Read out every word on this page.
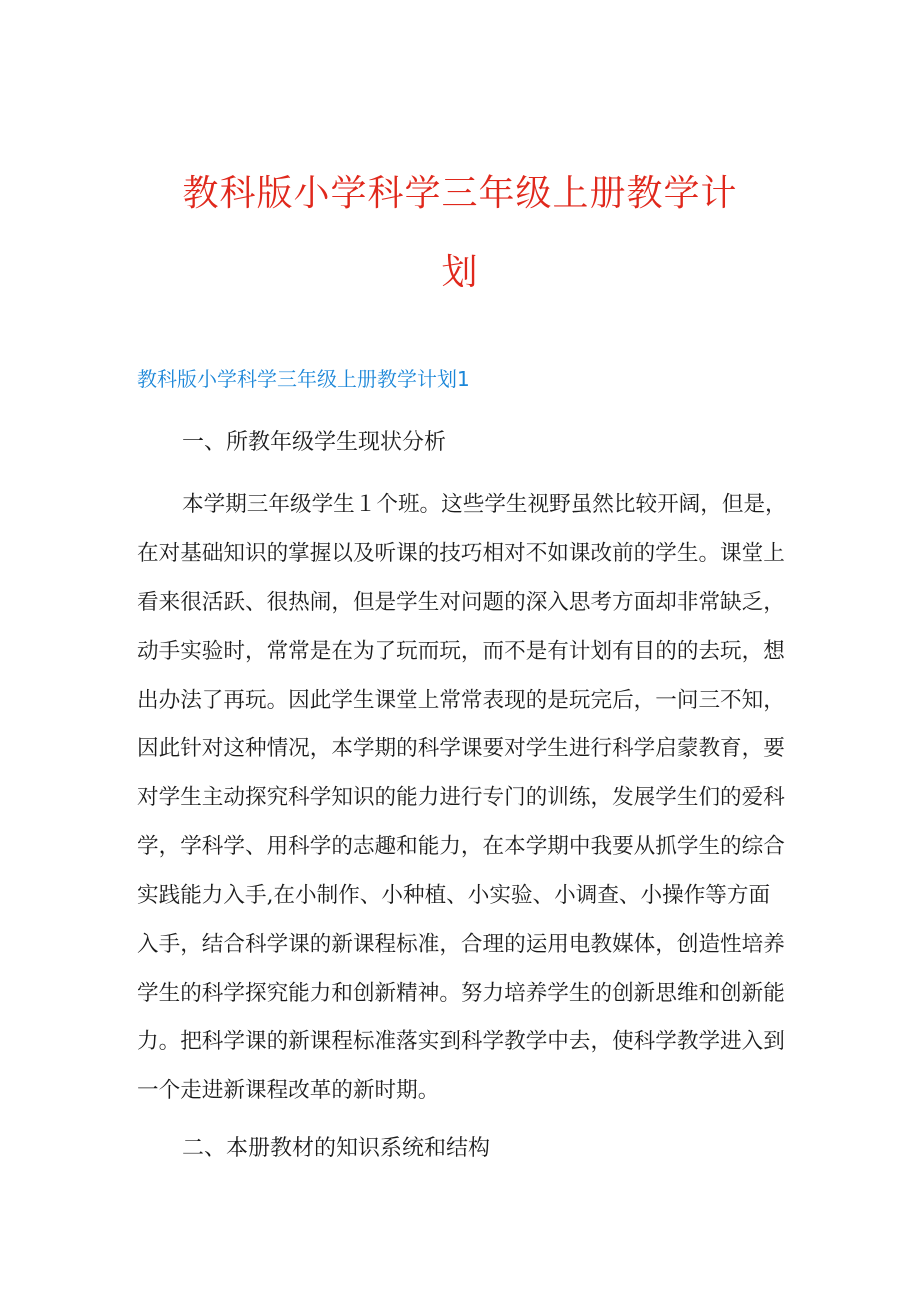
教科版小学科学三年级上册教学计
划
教科版小学科学三年级上册教学计划1
一、所教年级学生现状分析

本学期三年级学生１个班。这些学生视野虽然比较开阔，但是，

在对基础知识的掌握以及听课的技巧相对不如课改前的学生。课堂上

看来很活跃、很热闹，但是学生对问题的深入思考方面却非常缺乏，

动手实验时，常常是在为了玩而玩，而不是有计划有目的的去玩，想

出办法了再玩。因此学生课堂上常常表现的是玩完后，一问三不知，

因此针对这种情况，本学期的科学课要对学生进行科学启蒙教育，要

对学生主动探究科学知识的能力进行专门的训练，发展学生们的爱科

学，学科学、用科学的志趣和能力，在本学期中我要从抓学生的综合

实践能力入手,在小制作、小种植、小实验、小调查、小操作等方面

入手，结合科学课的新课程标准，合理的运用电教媒体，创造性培养

学生的科学探究能力和创新精神。努力培养学生的创新思维和创新能

力。把科学课的新课程标准落实到科学教学中去，使科学教学进入到

一个走进新课程改革的新时期。

二、本册教材的知识系统和结构
